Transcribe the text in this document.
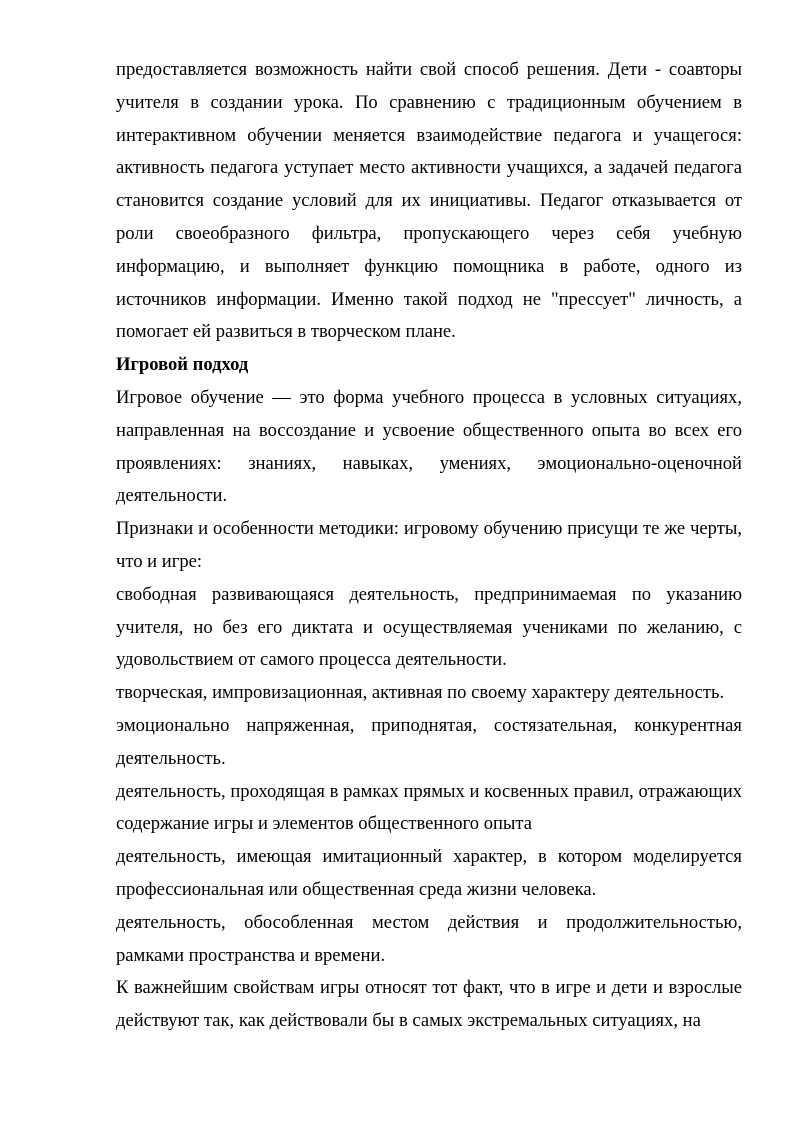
предоставляется возможность найти свой способ решения. Дети - соавторы учителя в создании урока. По сравнению с традиционным обучением в интерактивном обучении меняется взаимодействие педагога и учащегося: активность педагога уступает место активности учащихся, а задачей педагога становится создание условий для их инициативы. Педагог отказывается от роли своеобразного фильтра, пропускающего через себя учебную информацию, и выполняет функцию помощника в работе, одного из источников информации. Именно такой подход не "прессует" личность, а помогает ей развиться в творческом плане.

Игровой подход

Игровое обучение — это форма учебного процесса в условных ситуациях, направленная на воссоздание и усвоение общественного опыта во всех его проявлениях: знаниях, навыках, умениях, эмоционально-оценочной деятельности.

Признаки и особенности методики: игровому обучению присущи те же черты, что и игре:

свободная развивающаяся деятельность, предпринимаемая по указанию учителя, но без его диктата и осуществляемая учениками по желанию, с удовольствием от самого процесса деятельности.

творческая, импровизационная, активная по своему характеру деятельность.

эмоционально напряженная, приподнятая, состязательная, конкурентная деятельность.

деятельность, проходящая в рамках прямых и косвенных правил, отражающих содержание игры и элементов общественного опыта

деятельность, имеющая имитационный характер, в котором моделируется профессиональная или общественная среда жизни человека.

деятельность, обособленная местом действия и продолжительностью, рамками пространства и времени.

К важнейшим свойствам игры относят тот факт, что в игре и дети и взрослые действуют так, как действовали бы в самых экстремальных ситуациях, на
